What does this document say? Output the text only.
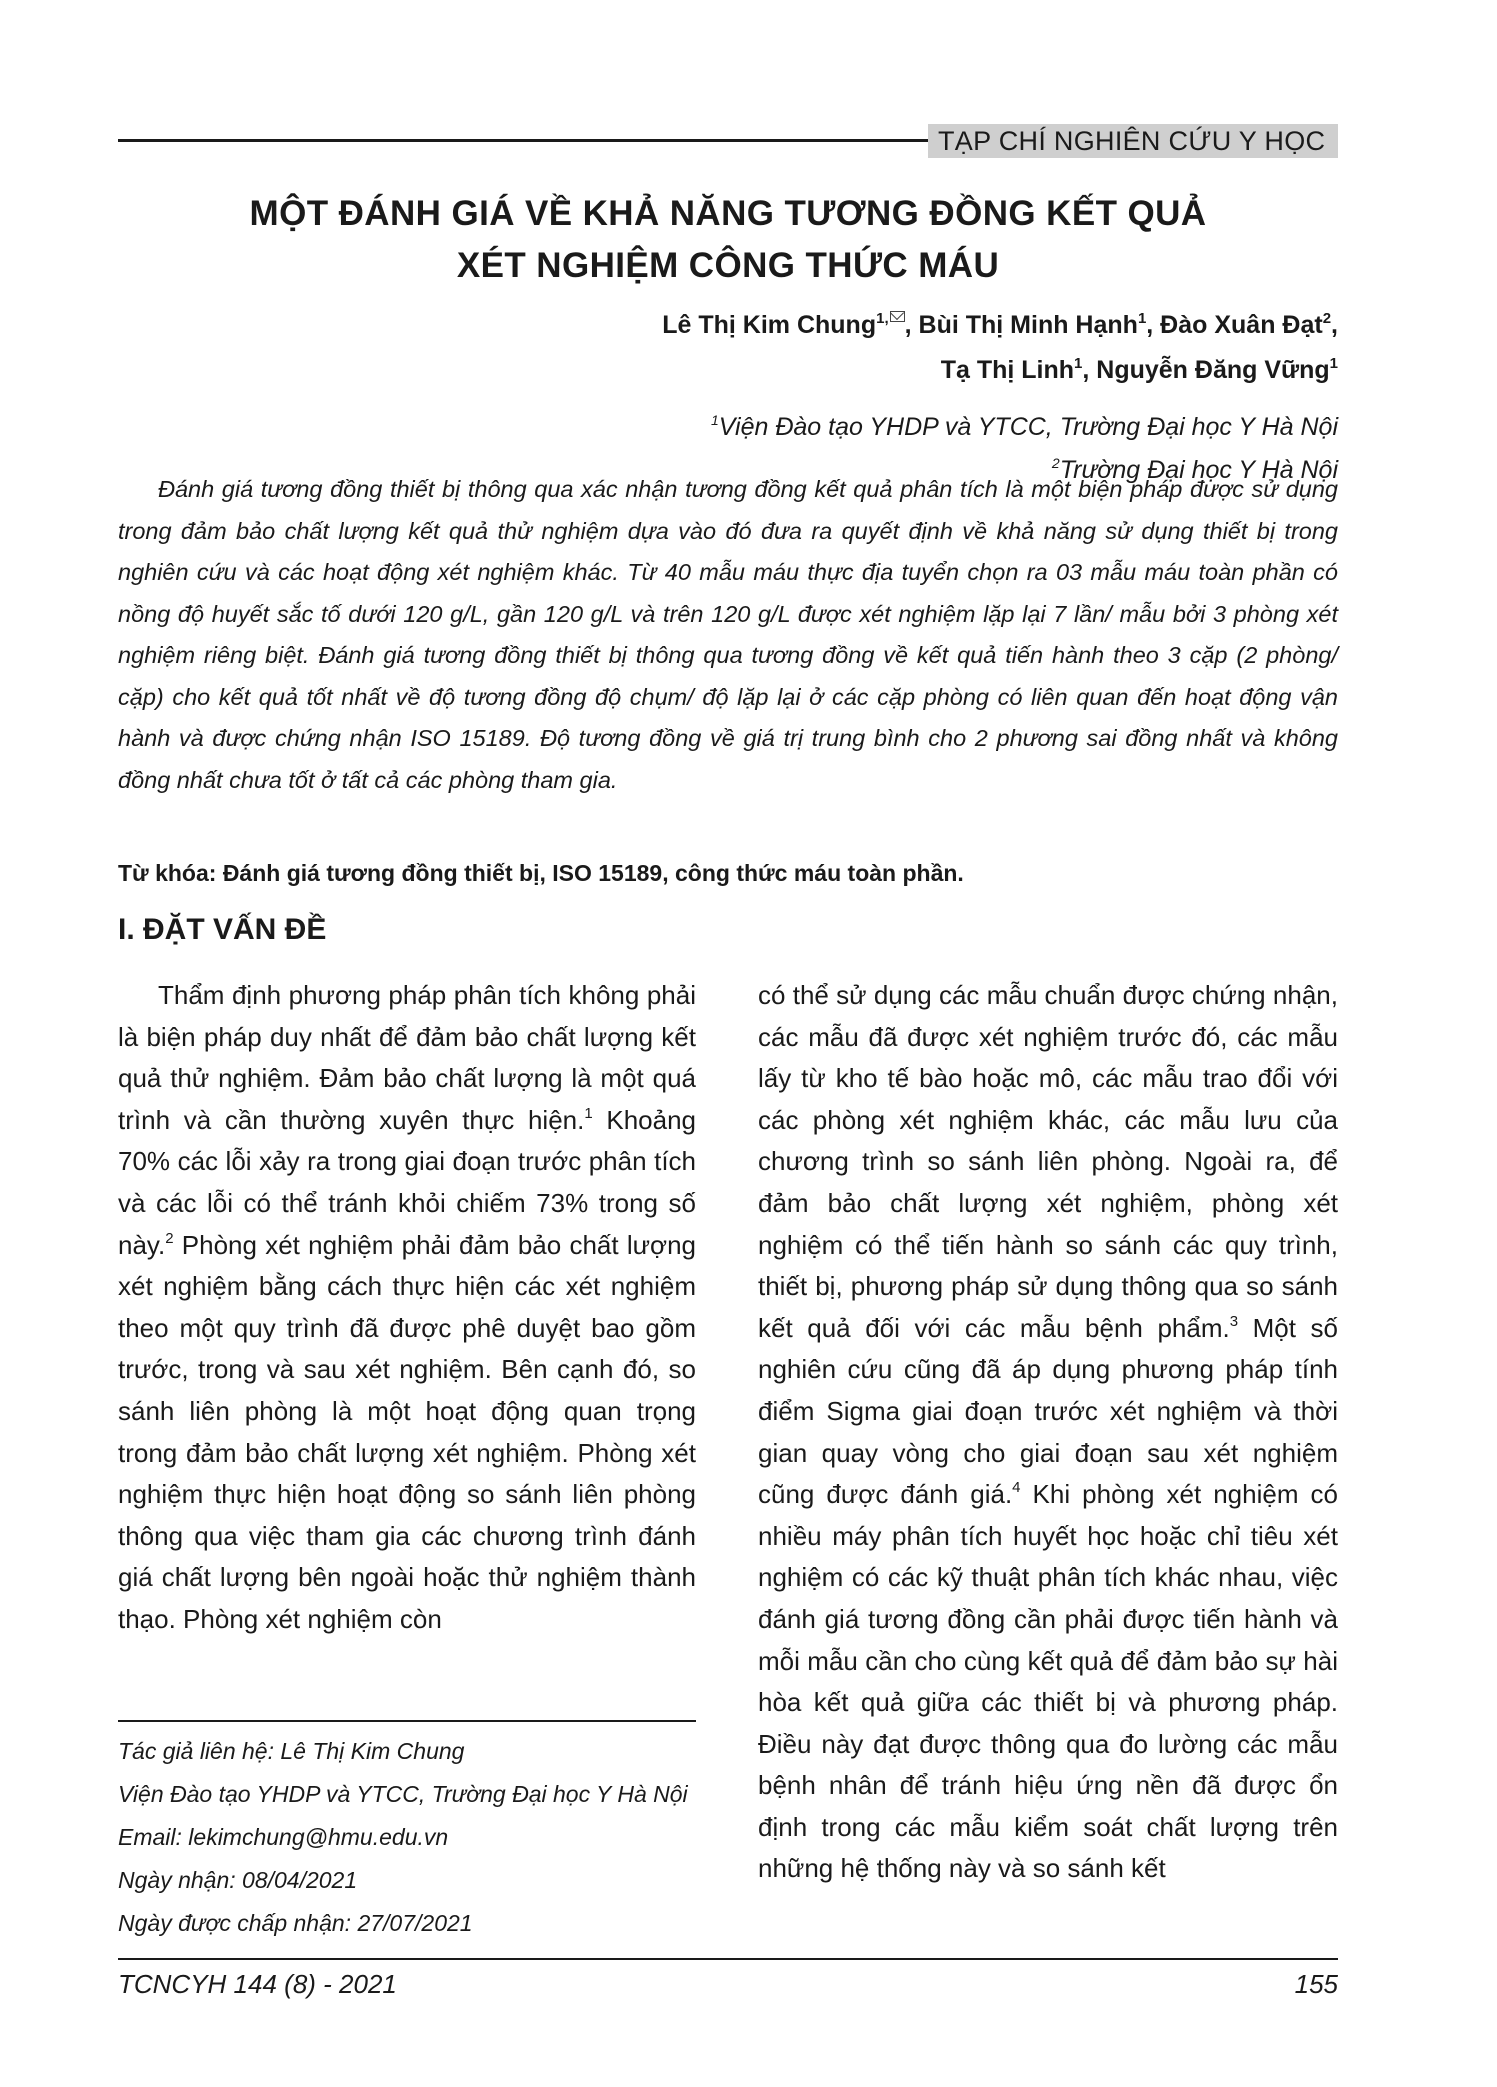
TẠP CHÍ NGHIÊN CỨU Y HỌC
MỘT ĐÁNH GIÁ VỀ KHẢ NĂNG TƯƠNG ĐỒNG KẾT QUẢ
XÉT NGHIỆM CÔNG THỨC MÁU
Lê Thị Kim Chung$^{1,}$ , Bùi Thị Minh Hạnh$^1$, Đào Xuân Đạt$^2$,
Tạ Thị Linh$^1$, Nguyễn Đăng Vững$^1$
$^1$Viện Đào tạo YHDP và YTCC, Trường Đại học Y Hà Nội
$^2$Trường Đại học Y Hà Nội
Đánh giá tương đồng thiết bị thông qua xác nhận tương đồng kết quả phân tích là một biện pháp được sử dụng trong đảm bảo chất lượng kết quả thử nghiệm dựa vào đó đưa ra quyết định về khả năng sử dụng thiết bị trong nghiên cứu và các hoạt động xét nghiệm khác. Từ 40 mẫu máu thực địa tuyển chọn ra 03 mẫu máu toàn phần có nồng độ huyết sắc tố dưới 120 g/L, gần 120 g/L và trên 120 g/L được xét nghiệm lặp lại 7 lần/ mẫu bởi 3 phòng xét nghiệm riêng biệt. Đánh giá tương đồng thiết bị thông qua tương đồng về kết quả tiến hành theo 3 cặp (2 phòng/ cặp) cho kết quả tốt nhất về độ tương đồng độ chụm/ độ lặp lại ở các cặp phòng có liên quan đến hoạt động vận hành và được chứng nhận ISO 15189. Độ tương đồng về giá trị trung bình cho 2 phương sai đồng nhất và không đồng nhất chưa tốt ở tất cả các phòng tham gia.
Từ khóa: Đánh giá tương đồng thiết bị, ISO 15189, công thức máu toàn phần.
I. ĐẶT VẤN ĐỀ
Thẩm định phương pháp phân tích không phải là biện pháp duy nhất để đảm bảo chất lượng kết quả thử nghiệm. Đảm bảo chất lượng là một quá trình và cần thường xuyên thực hiện.$^1$ Khoảng 70% các lỗi xảy ra trong giai đoạn trước phân tích và các lỗi có thể tránh khỏi chiếm 73% trong số này.$^2$ Phòng xét nghiệm phải đảm bảo chất lượng xét nghiệm bằng cách thực hiện các xét nghiệm theo một quy trình đã được phê duyệt bao gồm trước, trong và sau xét nghiệm. Bên cạnh đó, so sánh liên phòng là một hoạt động quan trọng trong đảm bảo chất lượng xét nghiệm. Phòng xét nghiệm thực hiện hoạt động so sánh liên phòng thông qua việc tham gia các chương trình đánh giá chất lượng bên ngoài hoặc thử nghiệm thành thạo. Phòng xét nghiệm còn
có thể sử dụng các mẫu chuẩn được chứng nhận, các mẫu đã được xét nghiệm trước đó, các mẫu lấy từ kho tế bào hoặc mô, các mẫu trao đổi với các phòng xét nghiệm khác, các mẫu lưu của chương trình so sánh liên phòng. Ngoài ra, để đảm bảo chất lượng xét nghiệm, phòng xét nghiệm có thể tiến hành so sánh các quy trình, thiết bị, phương pháp sử dụng thông qua so sánh kết quả đối với các mẫu bệnh phẩm.$^3$ Một số nghiên cứu cũng đã áp dụng phương pháp tính điểm Sigma giai đoạn trước xét nghiệm và thời gian quay vòng cho giai đoạn sau xét nghiệm cũng được đánh giá.$^4$ Khi phòng xét nghiệm có nhiều máy phân tích huyết học hoặc chỉ tiêu xét nghiệm có các kỹ thuật phân tích khác nhau, việc đánh giá tương đồng cần phải được tiến hành và mỗi mẫu cần cho cùng kết quả để đảm bảo sự hài hòa kết quả giữa các thiết bị và phương pháp. Điều này đạt được thông qua đo lường các mẫu bệnh nhân để tránh hiệu ứng nền đã được ổn định trong các mẫu kiểm soát chất lượng trên những hệ thống này và so sánh kết
Tác giả liên hệ: Lê Thị Kim Chung
Viện Đào tạo YHDP và YTCC, Trường Đại học Y Hà Nội
Email: lekimchung@hmu.edu.vn
Ngày nhận: 08/04/2021
Ngày được chấp nhận: 27/07/2021
TCNCYH 144 (8) - 2021	155
